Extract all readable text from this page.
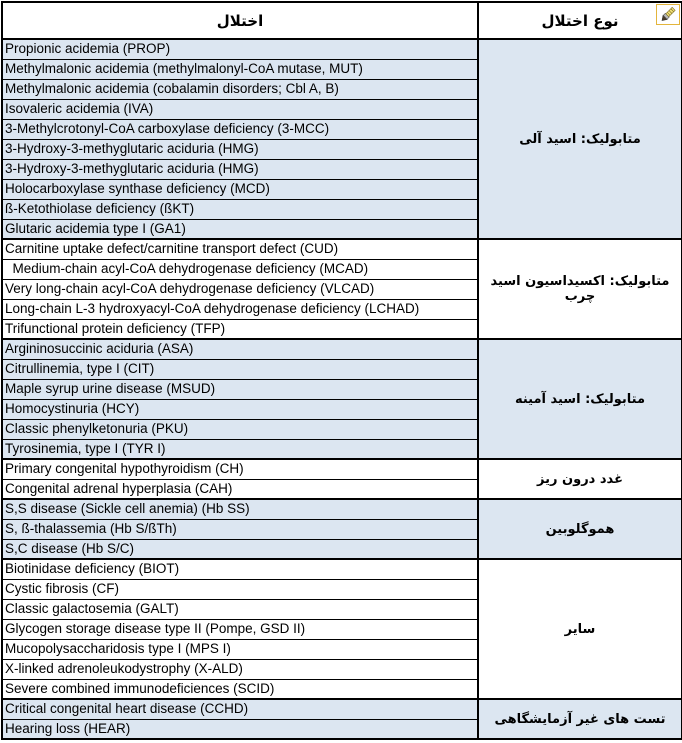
اختلال	نوع اختلال

Propionic acidemia (PROP)	متابولیک: اسید آلی
Methylmalonic acidemia (methylmalonyl-CoA mutase, MUT)	
Methylmalonic acidemia (cobalamin disorders; Cbl A, B)	
Isovaleric acidemia (IVA)	
3-Methylcrotonyl-CoA carboxylase deficiency (3-MCC)	
3-Hydroxy-3-methyglutaric aciduria (HMG)	
3-Hydroxy-3-methyglutaric aciduria (HMG)	
Holocarboxylase synthase deficiency (MCD)	
ß-Ketothiolase deficiency (ßKT)	
Glutaric acidemia type I (GA1)	
Carnitine uptake defect/carnitine transport defect (CUD)	متابولیک: اکسیداسیون اسید چرب
Medium-chain acyl-CoA dehydrogenase deficiency (MCAD)	
Very long-chain acyl-CoA dehydrogenase deficiency (VLCAD)	
Long-chain L-3 hydroxyacyl-CoA dehydrogenase deficiency (LCHAD)	
Trifunctional protein deficiency (TFP)	
Argininosuccinic aciduria (ASA)	متابولیک: اسید آمینه
Citrullinemia, type I (CIT)	
Maple syrup urine disease (MSUD)	
Homocystinuria (HCY)	
Classic phenylketonuria (PKU)	
Tyrosinemia, type I (TYR I)	
Primary congenital hypothyroidism (CH)	غدد درون ریز
Congenital adrenal hyperplasia (CAH)	
S,S disease (Sickle cell anemia) (Hb SS)	هموگلوبین
S, ß-thalassemia (Hb S/ßTh)	
S,C disease (Hb S/C)	
Biotinidase deficiency (BIOT)	سایر
Cystic fibrosis (CF)	
Classic galactosemia (GALT)	
Glycogen storage disease type II (Pompe, GSD II)	
Mucopolysaccharidosis type I (MPS I)	
X-linked adrenoleukodystrophy (X-ALD)	
Severe combined immunodeficiences (SCID)	
Critical congenital heart disease (CCHD)	تست های غیر آزمایشگاهی
Hearing loss (HEAR)	
